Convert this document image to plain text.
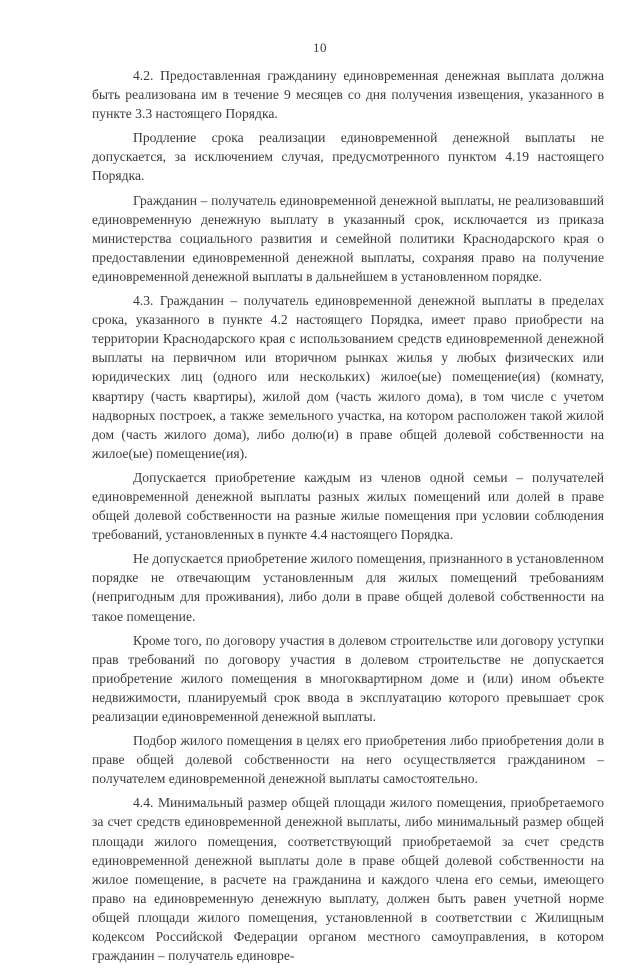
10

4.2. Предоставленная гражданину единовременная денежная выплата должна быть реализована им в течение 9 месяцев со дня получения извещения, указанного в пункте 3.3 настоящего Порядка.

Продление срока реализации единовременной денежной выплаты не допускается, за исключением случая, предусмотренного пунктом 4.19 настоящего Порядка.

Гражданин – получатель единовременной денежной выплаты, не реализовавший единовременную денежную выплату в указанный срок, исключается из приказа министерства социального развития и семейной политики Краснодарского края о предоставлении единовременной денежной выплаты, сохраняя право на получение единовременной денежной выплаты в дальнейшем в установленном порядке.

4.3. Гражданин – получатель единовременной денежной выплаты в пределах срока, указанного в пункте 4.2 настоящего Порядка, имеет право приобрести на территории Краснодарского края с использованием средств единовременной денежной выплаты на первичном или вторичном рынках жилья у любых физических или юридических лиц (одного или нескольких) жилое(ые) помещение(ия) (комнату, квартиру (часть квартиры), жилой дом (часть жилого дома), в том числе с учетом надворных построек, а также земельного участка, на котором расположен такой жилой дом (часть жилого дома), либо долю(и) в праве общей долевой собственности на жилое(ые) помещение(ия).

Допускается приобретение каждым из членов одной семьи – получателей единовременной денежной выплаты разных жилых помещений или долей в праве общей долевой собственности на разные жилые помещения при условии соблюдения требований, установленных в пункте 4.4 настоящего Порядка.

Не допускается приобретение жилого помещения, признанного в установленном порядке не отвечающим установленным для жилых помещений требованиям (непригодным для проживания), либо доли в праве общей долевой собственности на такое помещение.

Кроме того, по договору участия в долевом строительстве или договору уступки прав требований по договору участия в долевом строительстве не допускается приобретение жилого помещения в многоквартирном доме и (или) ином объекте недвижимости, планируемый срок ввода в эксплуатацию которого превышает срок реализации единовременной денежной выплаты.

Подбор жилого помещения в целях его приобретения либо приобретения доли в праве общей долевой собственности на него осуществляется гражданином – получателем единовременной денежной выплаты самостоятельно.

4.4. Минимальный размер общей площади жилого помещения, приобретаемого за счет средств единовременной денежной выплаты, либо минимальный размер общей площади жилого помещения, соответствующий приобретаемой за счет средств единовременной денежной выплаты доле в праве общей долевой собственности на жилое помещение, в расчете на гражданина и каждого члена его семьи, имеющего право на единовременную денежную выплату, должен быть равен учетной норме общей площади жилого помещения, установленной в соответствии с Жилищным кодексом Российской Федерации органом местного самоуправления, в котором гражданин – получатель единовре-
